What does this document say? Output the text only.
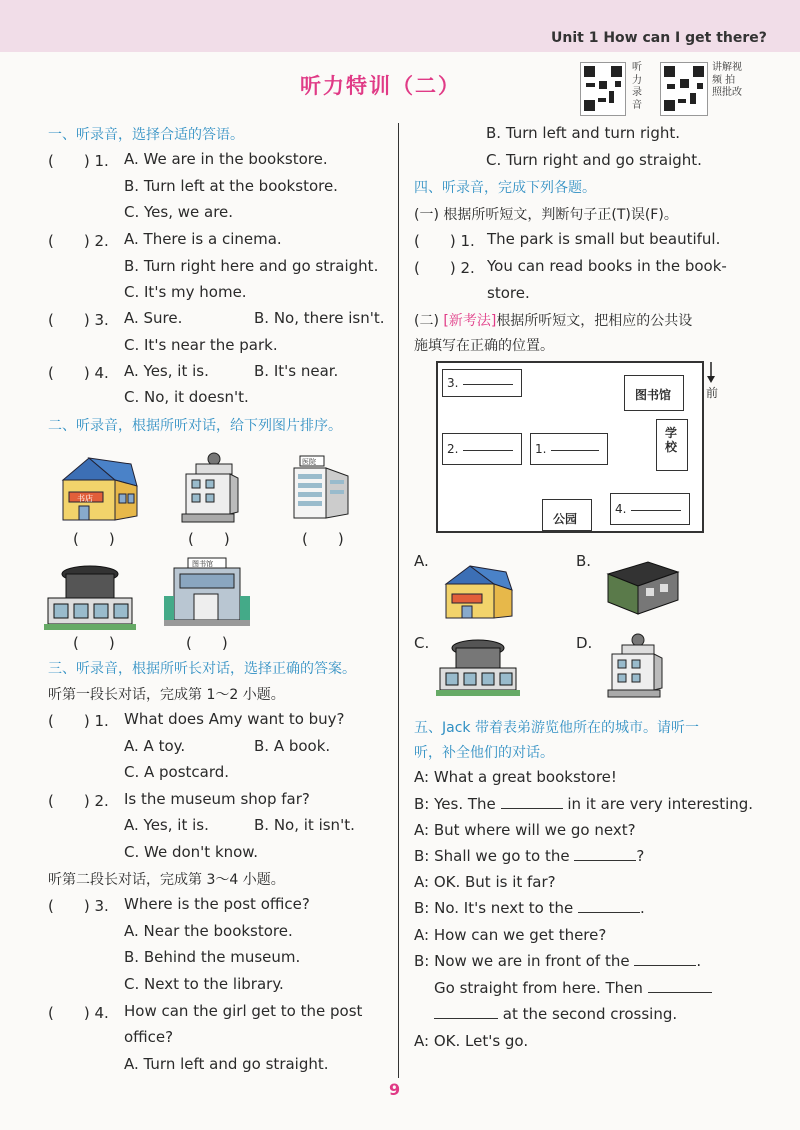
Unit 1 How can I get there?
听力特训（二）
听力录音
讲解视频 拍照批改
一、听录音，选择合适的答语。
(　　) 1. A. We are in the bookstore.
B. Turn left at the bookstore.
C. Yes, we are.
(　　) 2. A. There is a cinema.
B. Turn right here and go straight.
C. It's my home.
(　　) 3. A. Sure.	B. No, there isn't.
C. It's near the park.
(　　) 4. A. Yes, it is.	B. It's near.
C. No, it doesn't.
二、听录音，根据所听对话，给下列图片排序。
书店
医院
(　　)	(　　)	(　　)
图书馆
(　　)	(　　)
三、听录音，根据所听长对话，选择正确的答案。
听第一段长对话，完成第 1～2 小题。
(　　) 1. What does Amy want to buy?
A. A toy.	B. A book.
C. A postcard.
(　　) 2. Is the museum shop far?
A. Yes, it is.	B. No, it isn't.
C. We don't know.
听第二段长对话，完成第 3～4 小题。
(　　) 3. Where is the post office?
A. Near the bookstore.
B. Behind the museum.
C. Next to the library.
(　　) 4. How can the girl get to the post
office?
A. Turn left and go straight.
B. Turn left and turn right.
C. Turn right and go straight.
四、听录音，完成下列各题。
(一) 根据所听短文，判断句子正(T)误(F)。
(　　) 1. The park is small but beautiful.
(　　) 2. You can read books in the book-
store.
(二) [新考法]根据所听短文，把相应的公共设
施填写在正确的位置。
3.
图书馆
2.	1.
学校
公园
4.
前
A.	B.
C.	D.
五、Jack 带着表弟游览他所在的城市。请听一
听，补全他们的对话。
A: What a great bookstore!
B: Yes. The	in it are very interesting.
A: But where will we go next?
B: Shall we go to the	?
A: OK. But is it far?
B: No. It's next to the	.
A: How can we get there?
B: Now we are in front of the	.
Go straight from here. Then
at the second crossing.
A: OK. Let's go.
9
